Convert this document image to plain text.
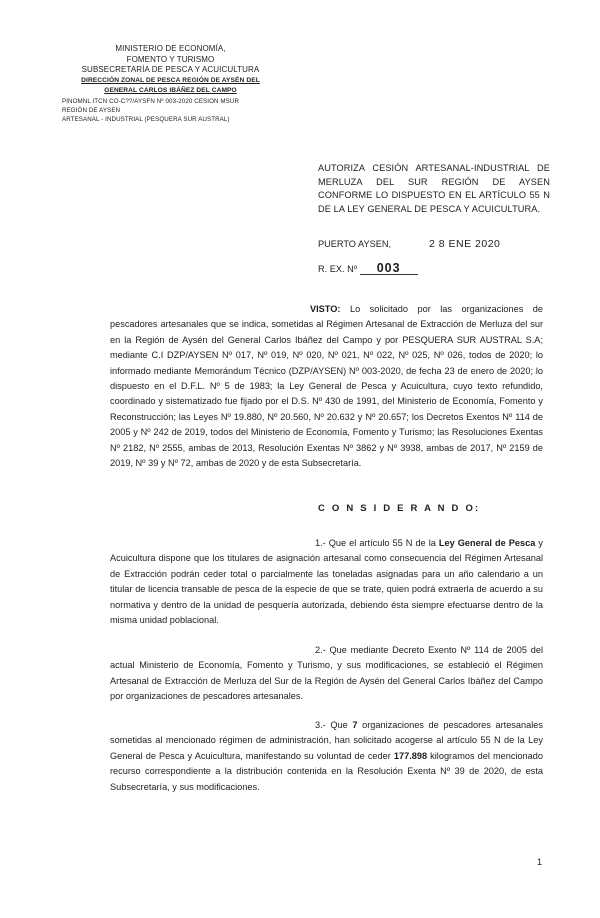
MINISTERIO DE ECONOMÍA,
FOMENTO Y TURISMO
SUBSECRETARÍA DE PESCA Y ACUICULTURA
DIRECCIÓN ZONAL DE PESCA REGIÓN DE AYSÉN DEL
GENERAL CARLOS IBÁÑEZ DEL CAMPO
PINOMNL ITCN CO-C??/AYSFN Nº 003-2020 CESION MSUR
REGIÓN DE AYSEN
ARTESANAL - INDUSTRIAL (PESQUERA SUR AUSTRAL)
AUTORIZA CESIÓN ARTESANAL-INDUSTRIAL DE MERLUZA DEL SUR REGIÓN DE AYSEN CONFORME LO DISPUESTO EN EL ARTÍCULO 55 N DE LA LEY GENERAL DE PESCA Y ACUICULTURA.
PUERTO AYSEN,	2 8 ENE 2020
R. EX. Nº 003
VISTO: Lo solicitado por las organizaciones de pescadores artesanales que se indica, sometidas al Régimen Artesanal de Extracción de Merluza del sur en la Región de Aysén del General Carlos Ibáñez del Campo y por PESQUERA SUR AUSTRAL S.A; mediante C.I DZP/AYSEN Nº 017, Nº 019, Nº 020, Nº 021, Nº 022, Nº 025, Nº 026, todos de 2020; lo informado mediante Memorándum Técnico (DZP/AYSEN) Nº 003-2020, de fecha 23 de enero de 2020; lo dispuesto en el D.F.L. Nº 5 de 1983; la Ley General de Pesca y Acuicultura, cuyo texto refundido, coordinado y sistematizado fue fijado por el D.S. Nº 430 de 1991, del Ministerio de Economía, Fomento y Reconstrucción; las Leyes Nº 19.880, Nº 20.560, Nº 20.632 y Nº 20.657; los Decretos Exentos Nº 114 de 2005 y Nº 242 de 2019, todos del Ministerio de Economía, Fomento y Turismo; las Resoluciones Exentas Nº 2182, Nº 2555, ambas de 2013, Resolución Exentas Nº 3862 y Nº 3938, ambas de 2017, Nº 2159 de 2019, Nº 39 y Nº 72, ambas de 2020 y de esta Subsecretaría.
C O N S I D E R A N D O:
1.- Que el artículo 55 N de la Ley General de Pesca y Acuicultura dispone que los titulares de asignación artesanal como consecuencia del Régimen Artesanal de Extracción podrán ceder total o parcialmente las toneladas asignadas para un año calendario a un titular de licencia transable de pesca de la especie de que se trate, quien podrá extraerla de acuerdo a su normativa y dentro de la unidad de pesquería autorizada, debiendo ésta siempre efectuarse dentro de la misma unidad poblacional.
2.- Que mediante Decreto Exento Nº 114 de 2005 del actual Ministerio de Economía, Fomento y Turismo, y sus modificaciones, se estableció el Régimen Artesanal de Extracción de Merluza del Sur de la Región de Aysén del General Carlos Ibáñez del Campo por organizaciones de pescadores artesanales.
3.- Que 7 organizaciones de pescadores artesanales sometidas al mencionado régimen de administración, han solicitado acogerse al artículo 55 N de la Ley General de Pesca y Acuicultura, manifestando su voluntad de ceder 177.898 kilogramos del mencionado recurso correspondiente a la distribución contenida en la Resolución Exenta Nº 39 de 2020, de esta Subsecretaría, y sus modificaciones.
1
